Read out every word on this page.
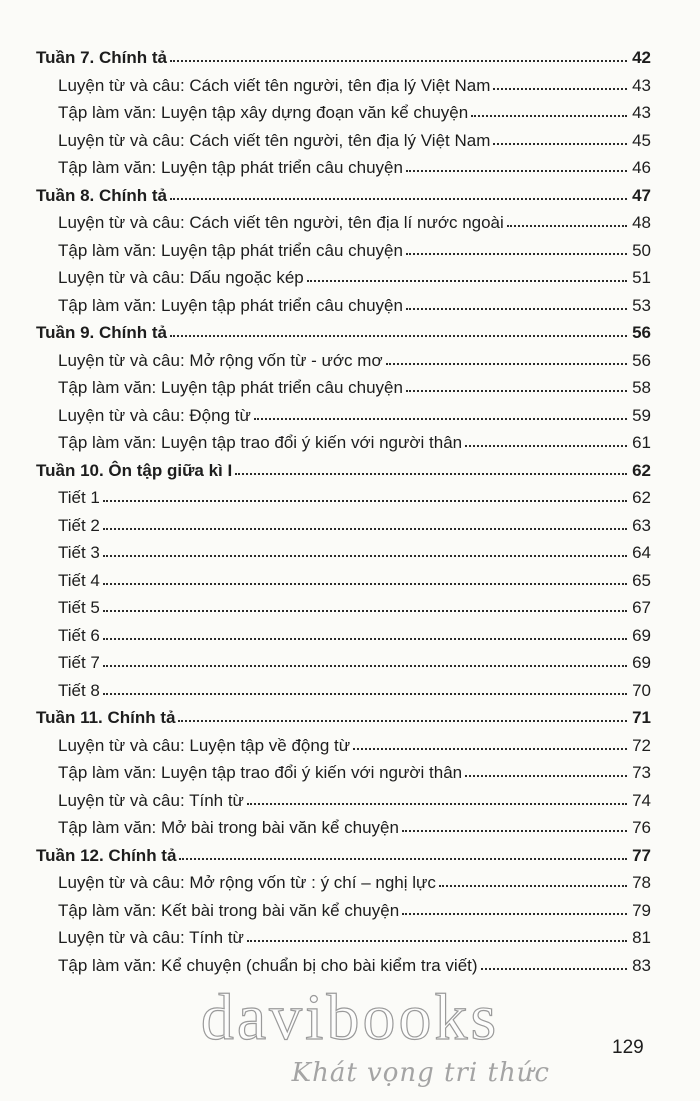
Tuần 7. Chính tả	42
Luyện từ và câu: Cách viết tên người, tên địa lý Việt Nam	43
Tập làm văn: Luyện tập xây dựng đoạn văn kể chuyện	43
Luyện từ và câu: Cách viết tên người, tên địa lý Việt Nam	45
Tập làm văn: Luyện tập phát triển câu chuyện	46
Tuần 8. Chính tả	47
Luyện từ và câu: Cách viết tên người, tên địa lí nước ngoài	48
Tập làm văn: Luyện tập phát triển câu chuyện	50
Luyện từ và câu: Dấu ngoặc kép	51
Tập làm văn: Luyện tập phát triển câu chuyện	53
Tuần 9. Chính tả	56
Luyện từ và câu: Mở rộng vốn từ - ước mơ	56
Tập làm văn: Luyện tập phát triển câu chuyện	58
Luyện từ và câu: Động từ	59
Tập làm văn: Luyện tập trao đổi ý kiến với người thân	61
Tuần 10. Ôn tập giữa kì I	62
Tiết 1	62
Tiết 2	63
Tiết 3	64
Tiết 4	65
Tiết 5	67
Tiết 6	69
Tiết 7	69
Tiết 8	70
Tuần 11. Chính tả	71
Luyện từ và câu: Luyện tập về động từ	72
Tập làm văn: Luyện tập trao đổi ý kiến với người thân	73
Luyện từ và câu: Tính từ	74
Tập làm văn: Mở bài trong bài văn kể chuyện	76
Tuần 12. Chính tả	77
Luyện từ và câu: Mở rộng vốn từ : ý chí – nghị lực	78
Tập làm văn: Kết bài trong bài văn kể chuyện	79
Luyện từ và câu: Tính từ	81
Tập làm văn: Kể chuyện (chuẩn bị cho bài kiểm tra viết)	83
129
davibooks
Khát vọng tri thức
